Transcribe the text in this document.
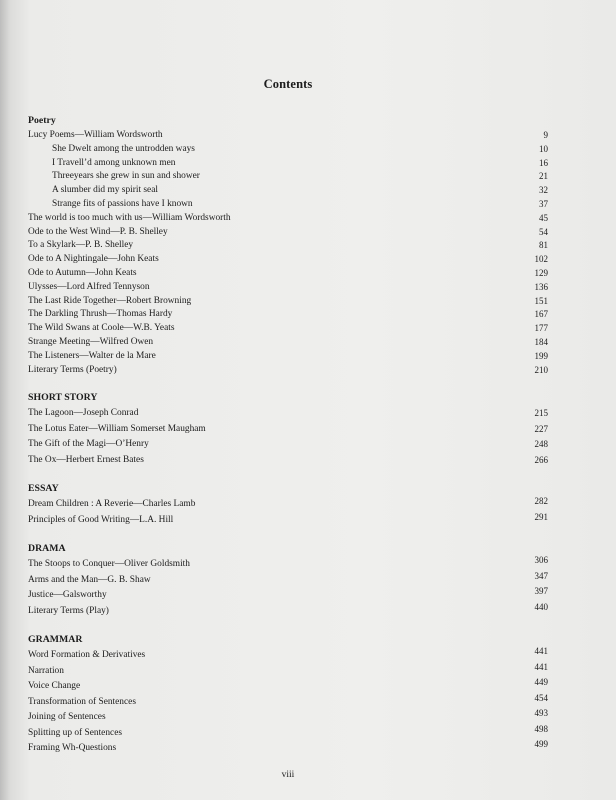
Contents
Poetry
Lucy Poems—William Wordsworth	9
She Dwelt among the untrodden ways	10
I Travell’d among unknown men	16
Threeyears she grew in sun and shower	21
A slumber did my spirit seal	32
Strange fits of passions have I known	37
The world is too much with us—William Wordsworth	45
Ode to the West Wind—P. B. Shelley	54
To a Skylark—P. B. Shelley	81
Ode to A Nightingale—John Keats	102
Ode to Autumn—John Keats	129
Ulysses—Lord Alfred Tennyson	136
The Last Ride Together—Robert Browning	151
The Darkling Thrush—Thomas Hardy	167
The Wild Swans at Coole—W.B. Yeats	177
Strange Meeting—Wilfred Owen	184
The Listeners—Walter de la Mare	199
Literary Terms (Poetry)	210
SHORT STORY
The Lagoon—Joseph Conrad	215
The Lotus Eater—William Somerset Maugham	227
The Gift of the Magi—O’Henry	248
The Ox—Herbert Ernest Bates	266
ESSAY
Dream Children : A Reverie—Charles Lamb	282
Principles of Good Writing—L.A. Hill	291
DRAMA
The Stoops to Conquer—Oliver Goldsmith	306
Arms and the Man—G. B. Shaw	347
Justice—Galsworthy	397
Literary Terms (Play)	440
GRAMMAR
Word Formation & Derivatives	441
Narration	441
Voice Change	449
Transformation of Sentences	454
Joining of Sentences	493
Splitting up of Sentences	498
Framing Wh-Questions	499
viii
